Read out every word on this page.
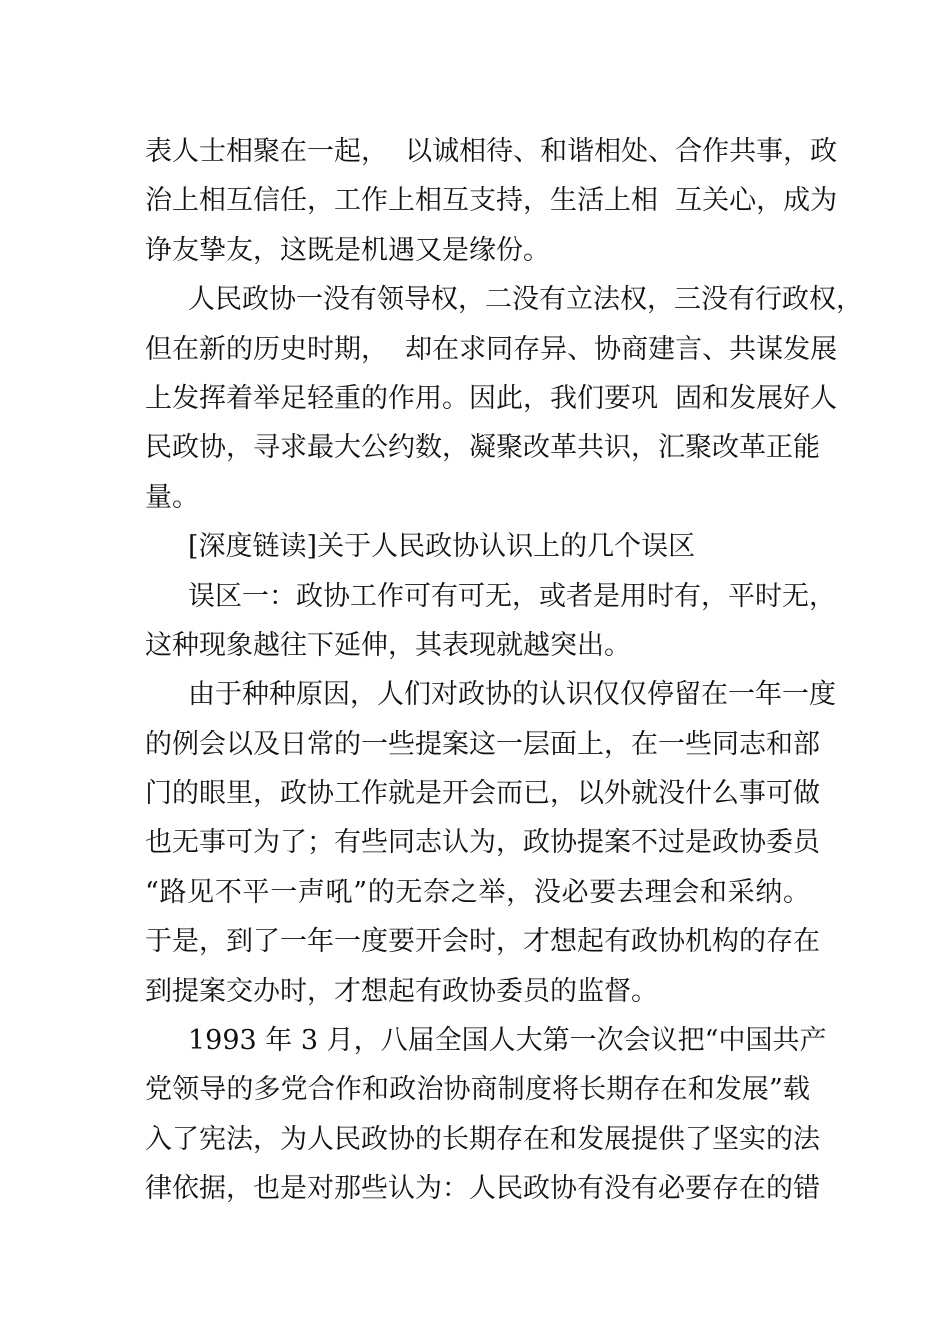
表人士相聚在一起，  以诚相待、和谐相处、合作共事，政
治上相互信任，工作上相互支持，生活上相  互关心，成为
诤友挚友，这既是机遇又是缘份。
人民政协一没有领导权，二没有立法权，三没有行政权，
但在新的历史时期，  却在求同存异、协商建言、共谋发展
上发挥着举足轻重的作用。因此，我们要巩  固和发展好人
民政协，寻求最大公约数，凝聚改革共识，汇聚改革正能
量。
[深度链读]关于人民政协认识上的几个误区
误区一：政协工作可有可无，或者是用时有，平时无，
这种现象越往下延伸，其表现就越突出。
由于种种原因，人们对政协的认识仅仅停留在一年一度
的例会以及日常的一些提案这一层面上，在一些同志和部
门的眼里，政协工作就是开会而已，以外就没什么事可做
也无事可为了；有些同志认为，政协提案不过是政协委员
“路见不平一声吼”的无奈之举，没必要去理会和采纳。
于是，到了一年一度要开会时，才想起有政协机构的存在
到提案交办时，才想起有政协委员的监督。
1993 年 3 月，八届全国人大第一次会议把“中国共产
党领导的多党合作和政治协商制度将长期存在和发展”载
入了宪法，为人民政协的长期存在和发展提供了坚实的法
律依据，也是对那些认为：人民政协有没有必要存在的错
